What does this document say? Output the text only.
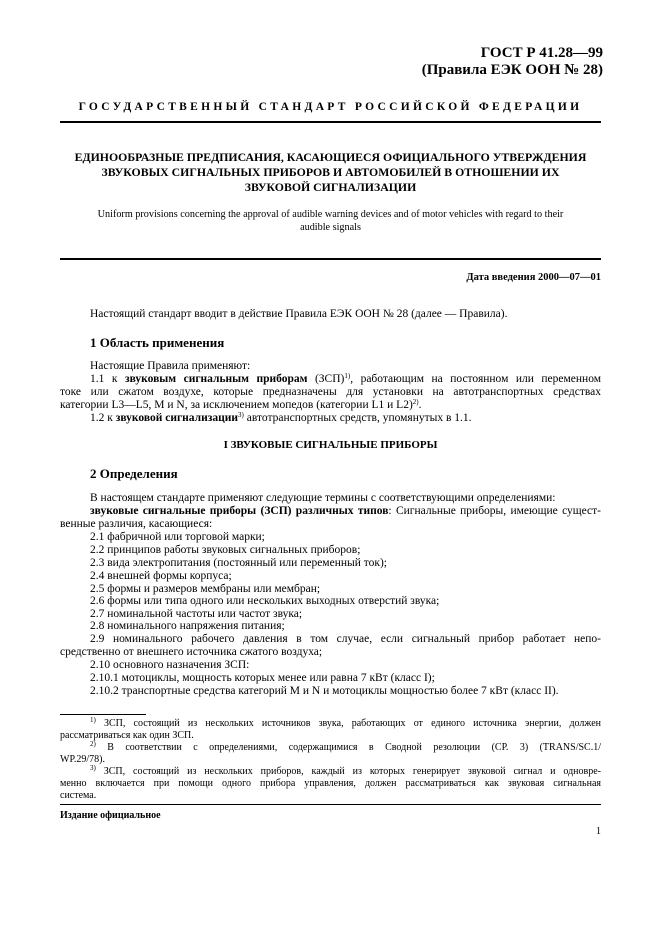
ГОСТ Р 41.28—99
(Правила ЕЭК ООН № 28)
ГОСУДАРСТВЕННЫЙ СТАНДАРТ РОССИЙСКОЙ ФЕДЕРАЦИИ
ЕДИНООБРАЗНЫЕ ПРЕДПИСАНИЯ, КАСАЮЩИЕСЯ ОФИЦИАЛЬНОГО УТВЕРЖДЕНИЯ
ЗВУКОВЫХ СИГНАЛЬНЫХ ПРИБОРОВ И АВТОМОБИЛЕЙ В ОТНОШЕНИИ ИХ
ЗВУКОВОЙ СИГНАЛИЗАЦИИ
Uniform provisions concerning the approval of audible warning devices and of motor vehicles with regard to their
audible signals
Дата введения 2000—07—01
Настоящий стандарт вводит в действие Правила ЕЭК ООН № 28 (далее — Правила).
1 Область применения
Настоящие Правила применяют:
1.1 к звуковым сигнальным приборам (ЗСП)$^{1)}$, работающим на постоянном или переменном
токе или сжатом воздухе, которые предназначены для установки на автотранспортных средствах
категории L3—L5, М и N, за исключением мопедов (категории L1 и L2)$^{2)}$.
1.2 к звуковой сигнализации$^{3)}$ автотранспортных средств, упомянутых в 1.1.
I ЗВУКОВЫЕ СИГНАЛЬНЫЕ ПРИБОРЫ
2 Определения
В настоящем стандарте применяют следующие термины с соответствующими определениями:
звуковые сигнальные приборы (ЗСП) различных типов: Сигнальные приборы, имеющие сущест-
венные различия, касающиеся:
2.1 фабричной или торговой марки;
2.2 принципов работы звуковых сигнальных приборов;
2.3 вида электропитания (постоянный или переменный ток);
2.4 внешней формы корпуса;
2.5 формы и размеров мембраны или мембран;
2.6 формы или типа одного или нескольких выходных отверстий звука;
2.7 номинальной частоты или частот звука;
2.8 номинального напряжения питания;
2.9 номинального рабочего давления в том случае, если сигнальный прибор работает непо-
средственно от внешнего источника сжатого воздуха;
2.10 основного назначения ЗСП:
2.10.1 мотоциклы, мощность которых менее или равна 7 кВт (класс I);
2.10.2 транспортные средства категорий М и N и мотоциклы мощностью более 7 кВт (класс II).
$^{1)}$ ЗСП, состоящий из нескольких источников звука, работающих от единого источника энергии, должен
рассматриваться как один ЗСП.
$^{2)}$ В соответствии с определениями, содержащимися в Сводной резолюции (СР. 3) (TRANS/SC.1/
WP.29/78).
$^{3)}$ ЗСП, состоящий из нескольких приборов, каждый из которых генерирует звуковой сигнал и одновре-
менно включается при помощи одного прибора управления, должен рассматриваться как звуковая сигнальная
система.
Издание официальное
1
